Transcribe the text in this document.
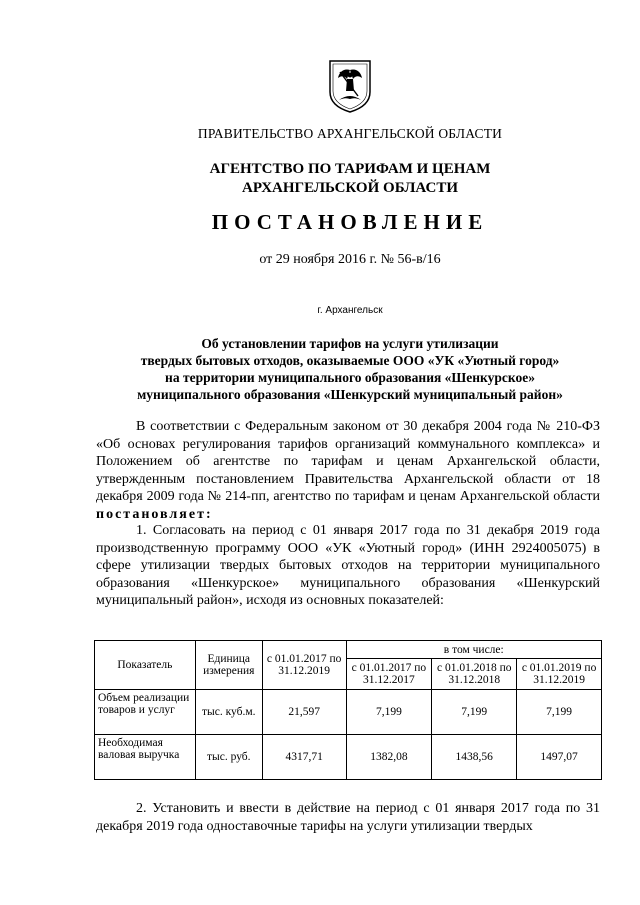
ПРАВИТЕЛЬСТВО АРХАНГЕЛЬСКОЙ ОБЛАСТИ
АГЕНТСТВО ПО ТАРИФАМ И ЦЕНАМ
АРХАНГЕЛЬСКОЙ ОБЛАСТИ
ПОСТАНОВЛЕНИЕ
от 29 ноября 2016 г. № 56-в/16
г. Архангельск
Об установлении тарифов на услуги утилизации
твердых бытовых отходов, оказываемые ООО «УК «Уютный город»
на территории муниципального образования «Шенкурское»
муниципального образования «Шенкурский муниципальный район»
В соответствии с Федеральным законом от 30 декабря 2004 года № 210-ФЗ «Об основах регулирования тарифов организаций коммунального комплекса» и Положением об агентстве по тарифам и ценам Архангельской области, утвержденным постановлением Правительства Архангельской области от 18 декабря 2009 года № 214-пп, агентство по тарифам и ценам Архангельской области постановляет:
1. Согласовать на период с 01 января 2017 года по 31 декабря 2019 года производственную программу ООО «УК «Уютный город» (ИНН 2924005075) в сфере утилизации твердых бытовых отходов на территории муниципального образования «Шенкурское» муниципального образования «Шенкурский муниципальный район», исходя из основных показателей:
Показатель	Единица измерения	с 01.01.2017 по 31.12.2019	в том числе:		
			с 01.01.2017 по 31.12.2017	с 01.01.2018 по 31.12.2018	с 01.01.2019 по 31.12.2019
Объем реализации товаров и услуг	тыс. куб.м.	21,597	7,199	7,199	7,199
Необходимая валовая выручка	тыс. руб.	4317,71	1382,08	1438,56	1497,07
2. Установить и ввести в действие на период с 01 января 2017 года по 31 декабря 2019 года одноставочные тарифы на услуги утилизации твердых
